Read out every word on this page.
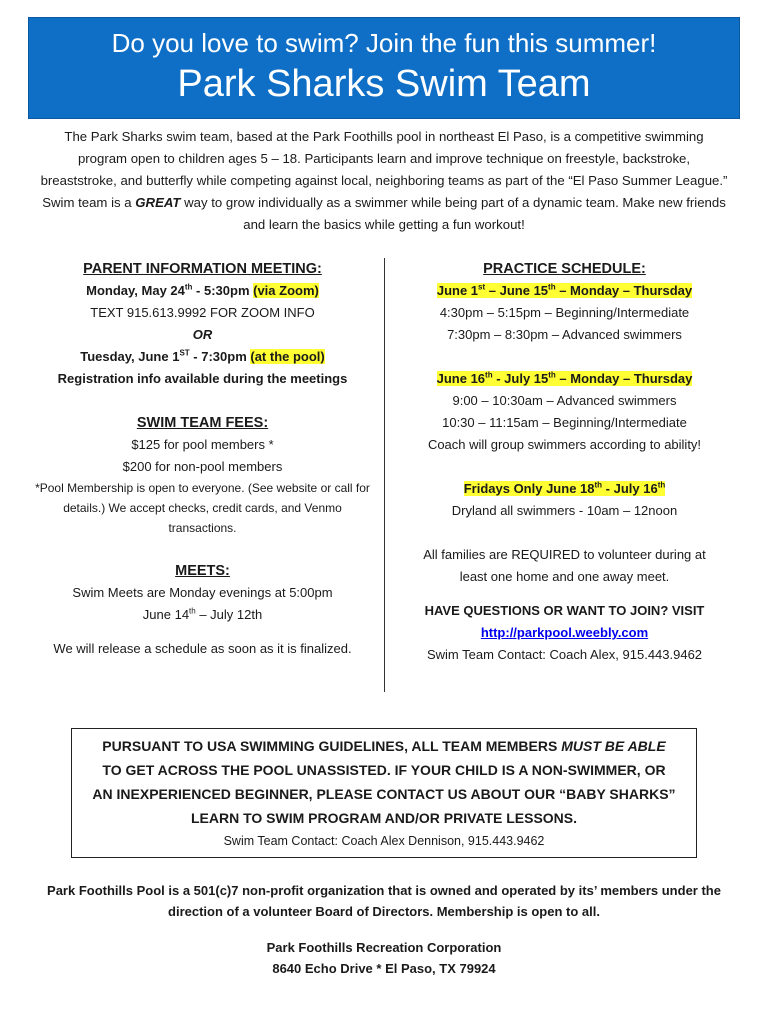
Do you love to swim? Join the fun this summer!
Park Sharks Swim Team
The Park Sharks swim team, based at the Park Foothills pool in northeast El Paso, is a competitive swimming program open to children ages 5 – 18. Participants learn and improve technique on freestyle, backstroke, breaststroke, and butterfly while competing against local, neighboring teams as part of the “El Paso Summer League.” Swim team is a GREAT way to grow individually as a swimmer while being part of a dynamic team. Make new friends and learn the basics while getting a fun workout!
PARENT INFORMATION MEETING:
Monday, May 24th - 5:30pm (via Zoom)
TEXT 915.613.9992 FOR ZOOM INFO
OR
Tuesday, June 1ST - 7:30pm (at the pool)
Registration info available during the meetings
SWIM TEAM FEES:
$125 for pool members *
$200 for non-pool members
*Pool Membership is open to everyone. (See website or call for details.) We accept checks, credit cards, and Venmo transactions.
MEETS:
Swim Meets are Monday evenings at 5:00pm
June 14th – July 12th
We will release a schedule as soon as it is finalized.
PRACTICE SCHEDULE:
June 1st – June 15th – Monday – Thursday
4:30pm – 5:15pm – Beginning/Intermediate
7:30pm – 8:30pm – Advanced swimmers
June 16th - July 15th – Monday – Thursday
9:00 – 10:30am – Advanced swimmers
10:30 – 11:15am – Beginning/Intermediate
Coach will group swimmers according to ability!
Fridays Only June 18th - July 16th
Dryland all swimmers - 10am – 12noon
All families are REQUIRED to volunteer during at least one home and one away meet.
HAVE QUESTIONS OR WANT TO JOIN? VISIT
http://parkpool.weebly.com
Swim Team Contact: Coach Alex, 915.443.9462
PURSUANT TO USA SWIMMING GUIDELINES, ALL TEAM MEMBERS MUST BE ABLE
TO GET ACROSS THE POOL UNASSISTED. IF YOUR CHILD IS A NON-SWIMMER, OR
AN INEXPERIENCED BEGINNER, PLEASE CONTACT US ABOUT OUR “BABY SHARKS”
LEARN TO SWIM PROGRAM AND/OR PRIVATE LESSONS.
Swim Team Contact: Coach Alex Dennison, 915.443.9462
Park Foothills Pool is a 501(c)7 non-profit organization that is owned and operated by its’ members under the direction of a volunteer Board of Directors. Membership is open to all.
Park Foothills Recreation Corporation
8640 Echo Drive * El Paso, TX 79924
